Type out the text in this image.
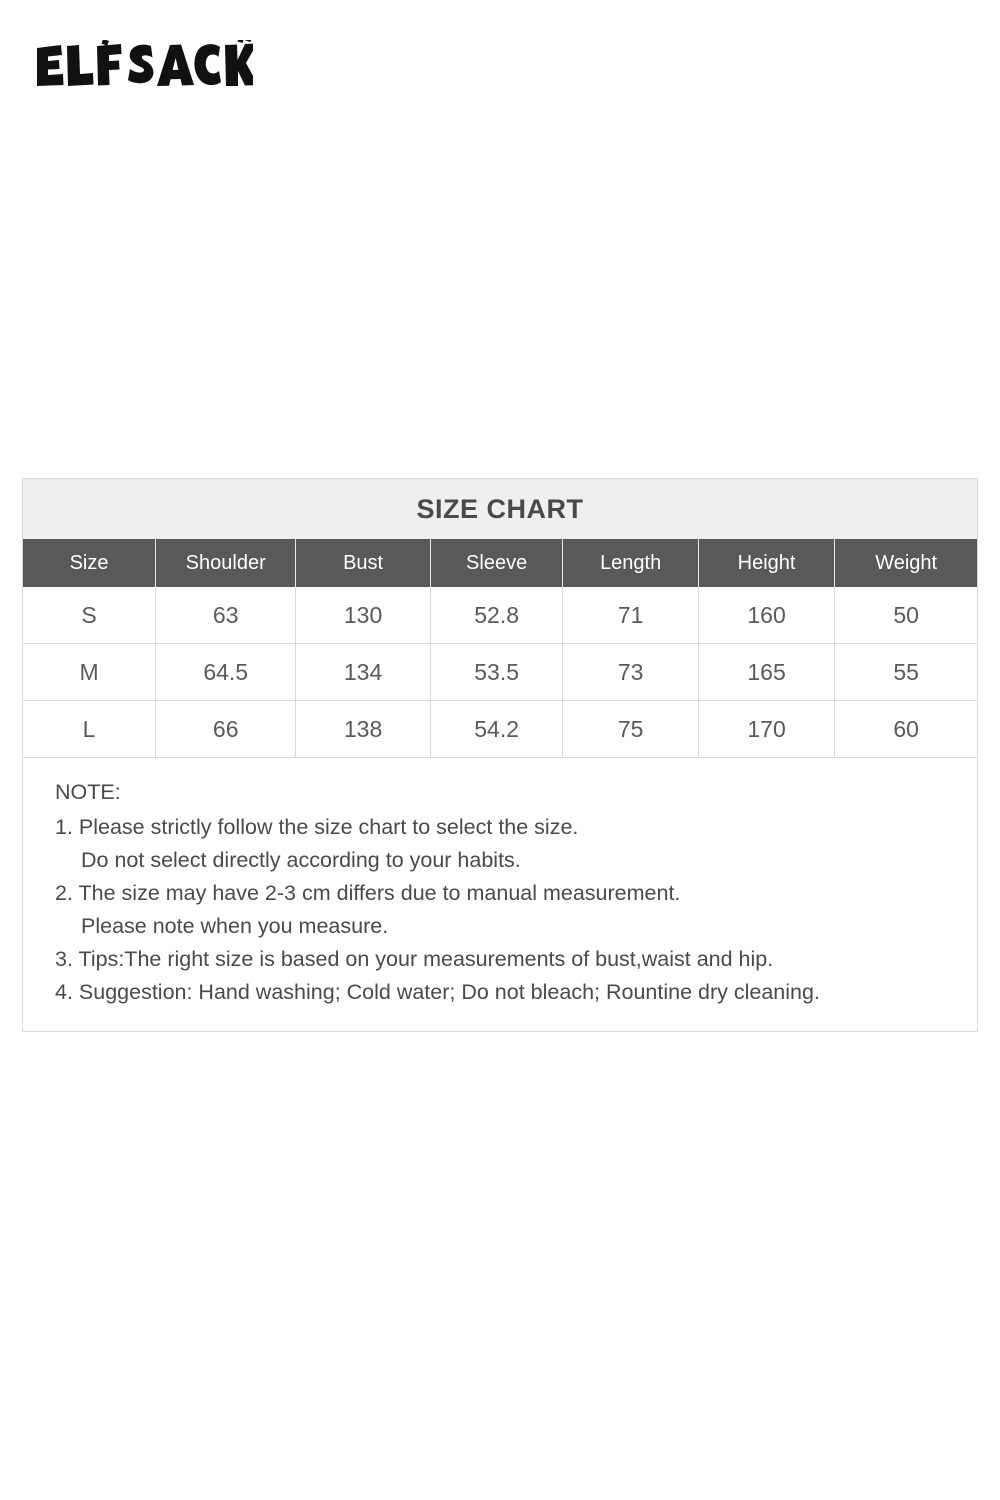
SIZE CHART
Size	Shoulder	Bust	Sleeve	Length	Height	Weight
S	63	130	52.8	71	160	50
M	64.5	134	53.5	73	165	55
L	66	138	54.2	75	170	60
NOTE:
1. Please strictly follow the size chart to select the size.
Do not select directly according to your habits.
2. The size may have 2-3 cm differs due to manual measurement.
Please note when you measure.
3. Tips:The right size is based on your measurements of bust,waist and hip.
4. Suggestion: Hand washing; Cold water; Do not bleach; Rountine dry cleaning.
